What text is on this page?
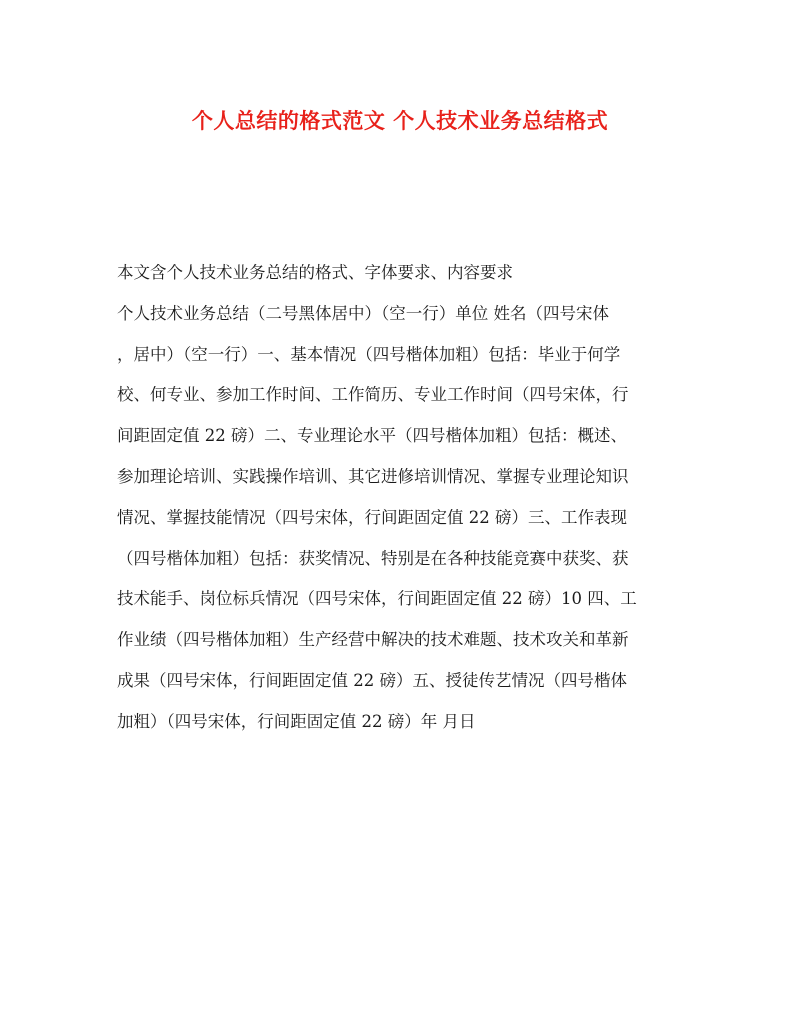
个人总结的格式范文 个人技术业务总结格式
本文含个人技术业务总结的格式、字体要求、内容要求
个人技术业务总结（二号黑体居中）（空一行）单位 姓名（四号宋体
，居中）（空一行）一、基本情况（四号楷体加粗）包括：毕业于何学
校、何专业、参加工作时间、工作简历、专业工作时间（四号宋体，行
间距固定值 22 磅）二、专业理论水平（四号楷体加粗）包括：概述、
参加理论培训、实践操作培训、其它进修培训情况、掌握专业理论知识
情况、掌握技能情况（四号宋体，行间距固定值 22 磅）三、工作表现
（四号楷体加粗）包括：获奖情况、特别是在各种技能竞赛中获奖、获
技术能手、岗位标兵情况（四号宋体，行间距固定值 22 磅）10 四、工
作业绩（四号楷体加粗）生产经营中解决的技术难题、技术攻关和革新
成果（四号宋体，行间距固定值 22 磅）五、授徒传艺情况（四号楷体
加粗）（四号宋体，行间距固定值 22 磅）年 月日
